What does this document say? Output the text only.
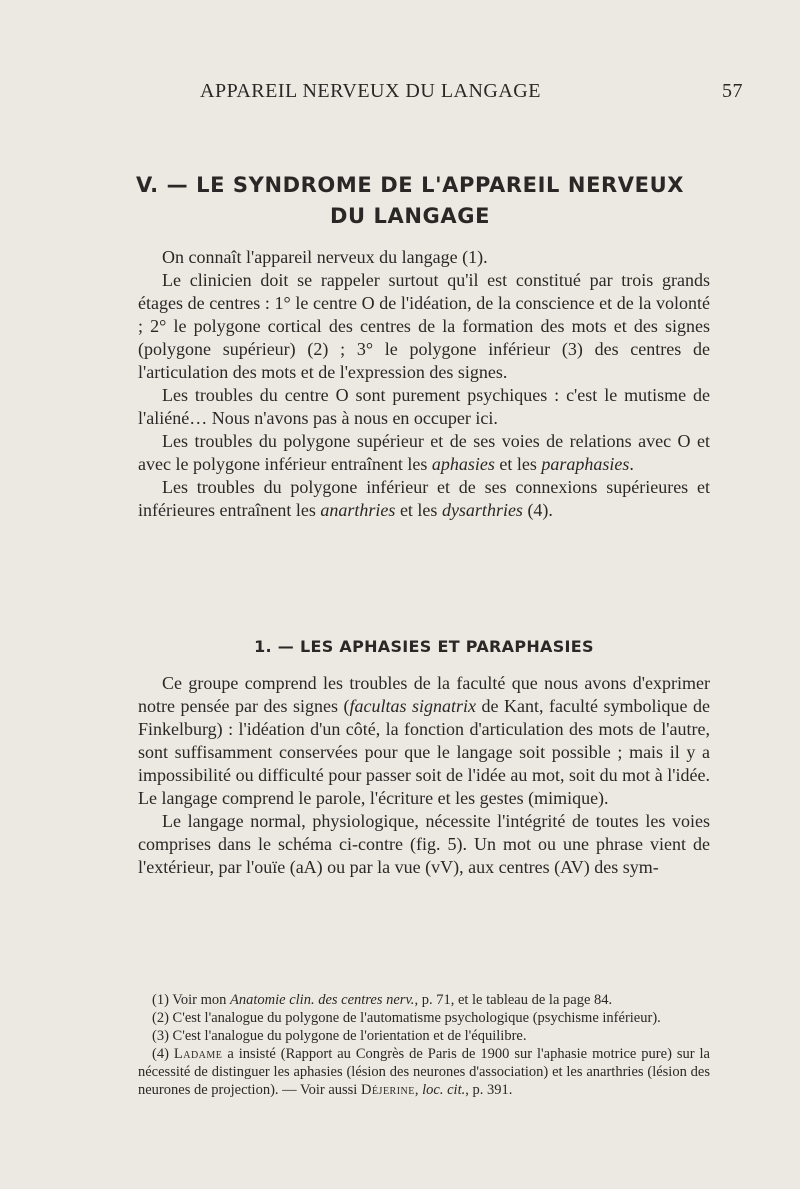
APPAREIL NERVEUX DU LANGAGE	57
V. — LE SYNDROME DE L'APPAREIL NERVEUX
DU LANGAGE

On connaît l'appareil nerveux du langage (1).

Le clinicien doit se rappeler surtout qu'il est constitué par trois grands étages de centres : 1° le centre O de l'idéation, de la conscience et de la volonté ; 2° le polygone cortical des centres de la formation des mots et des signes (polygone supérieur) (2) ; 3° le polygone inférieur (3) des centres de l'articulation des mots et de l'expression des signes.

Les troubles du centre O sont purement psychiques : c'est le mutisme de l'aliéné… Nous n'avons pas à nous en occuper ici.

Les troubles du polygone supérieur et de ses voies de relations avec O et avec le polygone inférieur entraînent les aphasies et les paraphasies.

Les troubles du polygone inférieur et de ses connexions supérieures et inférieures entraînent les anarthries et les dysarthries (4).

1. — LES APHASIES ET PARAPHASIES

Ce groupe comprend les troubles de la faculté que nous avons d'exprimer notre pensée par des signes (facultas signatrix de Kant, faculté symbolique de Finkelburg) : l'idéation d'un côté, la fonction d'articulation des mots de l'autre, sont suffisamment conservées pour que le langage soit possible ; mais il y a impossibilité ou difficulté pour passer soit de l'idée au mot, soit du mot à l'idée. Le langage comprend le parole, l'écriture et les gestes (mimique).

Le langage normal, physiologique, nécessite l'intégrité de toutes les voies comprises dans le schéma ci-contre (fig. 5). Un mot ou une phrase vient de l'extérieur, par l'ouïe (aA) ou par la vue (vV), aux centres (AV) des sym-

(1) Voir mon Anatomie clin. des centres nerv., p. 71, et le tableau de la page 84.

(2) C'est l'analogue du polygone de l'automatisme psychologique (psychisme inférieur).

(3) C'est l'analogue du polygone de l'orientation et de l'équilibre.

(4) Ladame a insisté (Rapport au Congrès de Paris de 1900 sur l'aphasie motrice pure) sur la nécessité de distinguer les aphasies (lésion des neurones d'association) et les anarthries (lésion des neurones de projection). — Voir aussi Déjerine, loc. cit., p. 391.
